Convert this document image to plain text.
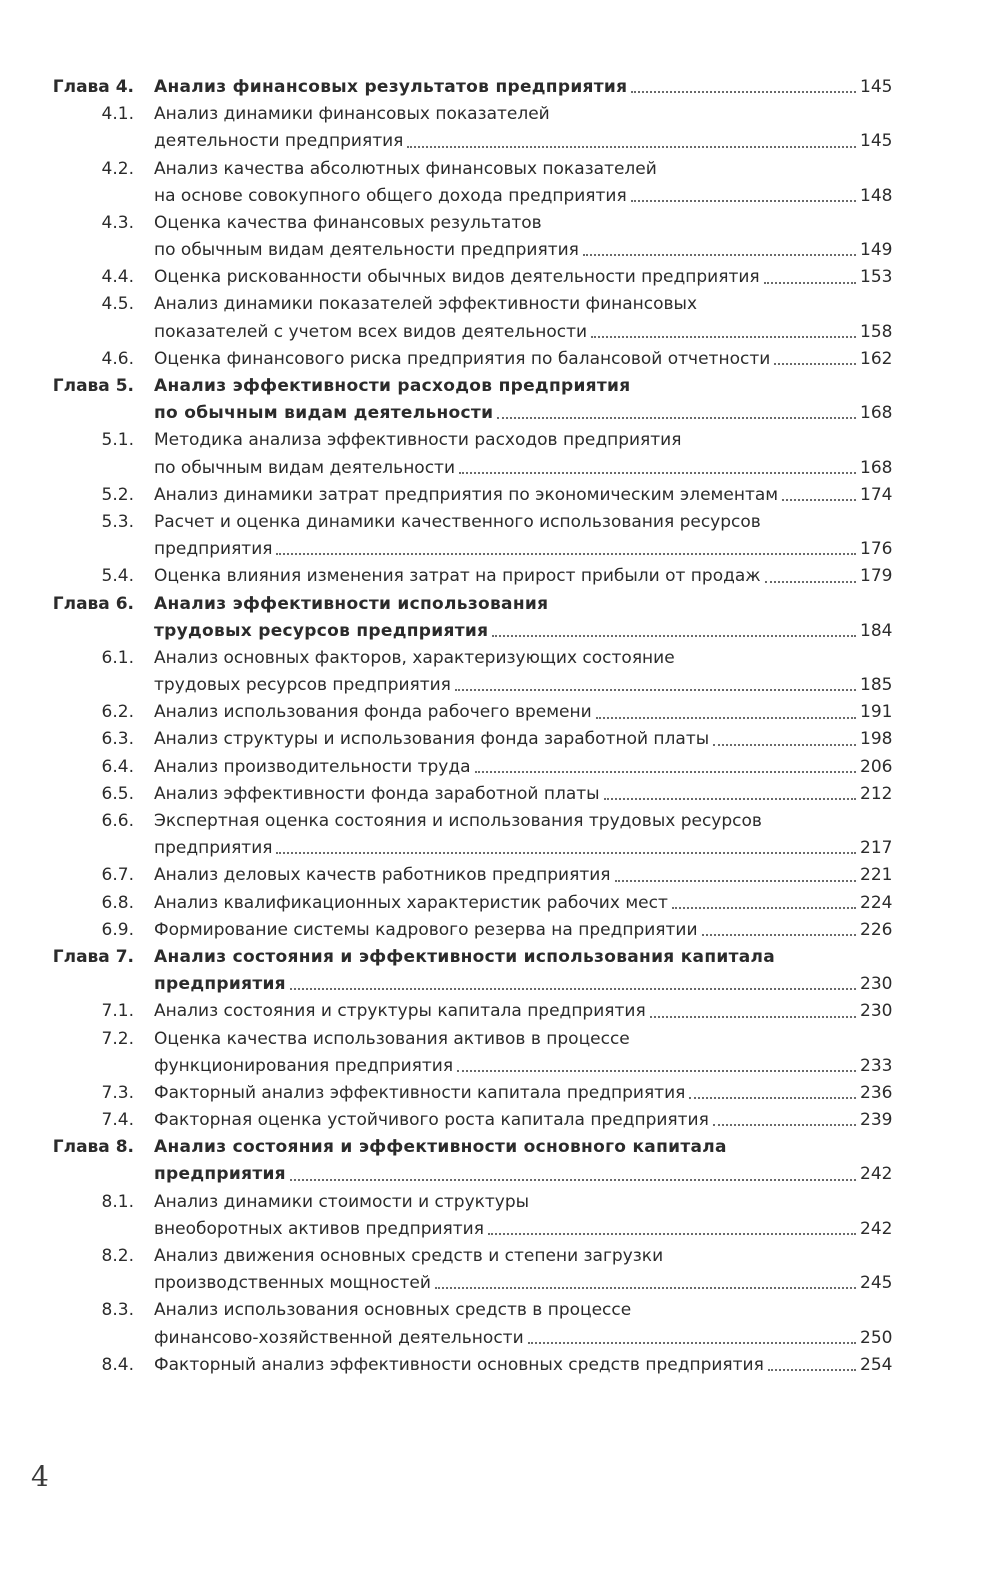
Глава 4. Анализ финансовых результатов предприятия	145
4.1. Анализ динамики финансовых показателей
деятельности предприятия	145
4.2. Анализ качества абсолютных финансовых показателей
на основе совокупного общего дохода предприятия	148
4.3. Оценка качества финансовых результатов
по обычным видам деятельности предприятия	149
4.4. Оценка рискованности обычных видов деятельности предприятия	153
4.5. Анализ динамики показателей эффективности финансовых
показателей с учетом всех видов деятельности	158
4.6. Оценка финансового риска предприятия по балансовой отчетности	162
Глава 5. Анализ эффективности расходов предприятия
по обычным видам деятельности	168
5.1. Методика анализа эффективности расходов предприятия
по обычным видам деятельности	168
5.2. Анализ динамики затрат предприятия по экономическим элементам	174
5.3. Расчет и оценка динамики качественного использования ресурсов
предприятия	176
5.4. Оценка влияния изменения затрат на прирост прибыли от продаж	179
Глава 6. Анализ эффективности использования
трудовых ресурсов предприятия	184
6.1. Анализ основных факторов, характеризующих состояние
трудовых ресурсов предприятия	185
6.2. Анализ использования фонда рабочего времени	191
6.3. Анализ структуры и использования фонда заработной платы	198
6.4. Анализ производительности труда	206
6.5. Анализ эффективности фонда заработной платы	212
6.6. Экспертная оценка состояния и использования трудовых ресурсов
предприятия	217
6.7. Анализ деловых качеств работников предприятия	221
6.8. Анализ квалификационных характеристик рабочих мест	224
6.9. Формирование системы кадрового резерва на предприятии	226
Глава 7. Анализ состояния и эффективности использования капитала
предприятия	230
7.1. Анализ состояния и структуры капитала предприятия	230
7.2. Оценка качества использования активов в процессе
функционирования предприятия	233
7.3. Факторный анализ эффективности капитала предприятия	236
7.4. Факторная оценка устойчивого роста капитала предприятия	239
Глава 8. Анализ состояния и эффективности основного капитала
предприятия	242
8.1. Анализ динамики стоимости и структуры
внеоборотных активов предприятия	242
8.2. Анализ движения основных средств и степени загрузки
производственных мощностей	245
8.3. Анализ использования основных средств в процессе
финансово-хозяйственной деятельности	250
8.4. Факторный анализ эффективности основных средств предприятия	254
4
